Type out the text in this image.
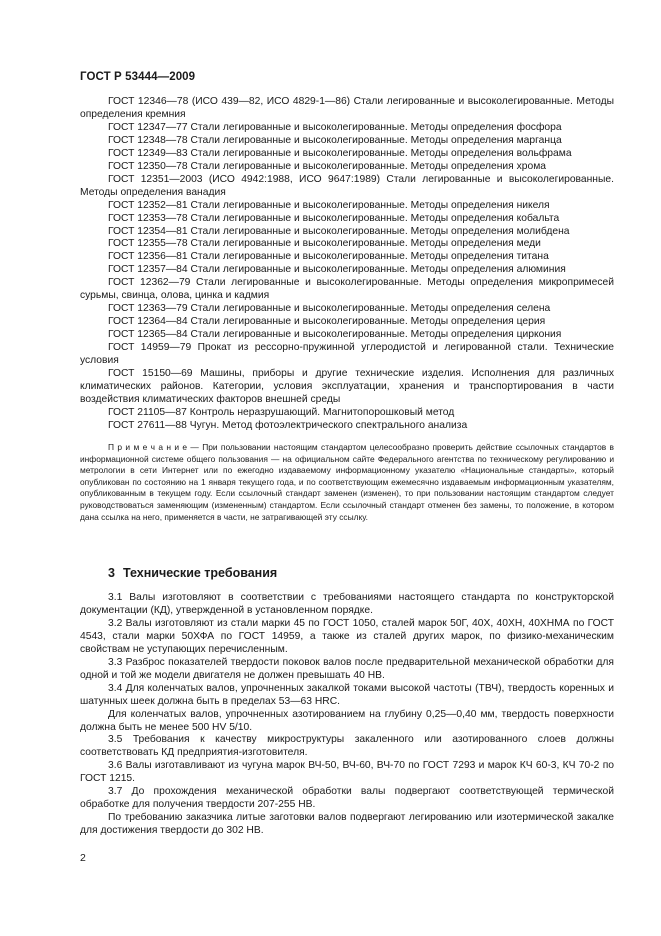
ГОСТ Р 53444—2009

ГОСТ 12346—78 (ИСО 439—82, ИСО 4829-1—86) Стали легированные и высоколегированные. Методы определения кремния

ГОСТ 12347—77 Стали легированные и высоколегированные. Методы определения фосфора

ГОСТ 12348—78 Стали легированные и высоколегированные. Методы определения марганца

ГОСТ 12349—83 Стали легированные и высоколегированные. Методы определения вольфрама

ГОСТ 12350—78 Стали легированные и высоколегированные. Методы определения хрома

ГОСТ 12351—2003 (ИСО 4942:1988, ИСО 9647:1989) Стали легированные и высоколегированные. Методы определения ванадия

ГОСТ 12352—81 Стали легированные и высоколегированные. Методы определения никеля

ГОСТ 12353—78 Стали легированные и высоколегированные. Методы определения кобальта

ГОСТ 12354—81 Стали легированные и высоколегированные. Методы определения молибдена

ГОСТ 12355—78 Стали легированные и высоколегированные. Методы определения меди

ГОСТ 12356—81 Стали легированные и высоколегированные. Методы определения титана

ГОСТ 12357—84 Стали легированные и высоколегированные. Методы определения алюминия

ГОСТ 12362—79 Стали легированные и высоколегированные. Методы определения микропримесей сурьмы, свинца, олова, цинка и кадмия

ГОСТ 12363—79 Стали легированные и высоколегированные. Методы определения селена

ГОСТ 12364—84 Стали легированные и высоколегированные. Методы определения церия

ГОСТ 12365—84 Стали легированные и высоколегированные. Методы определения циркония

ГОСТ 14959—79 Прокат из рессорно-пружинной углеродистой и легированной стали. Технические условия

ГОСТ 15150—69 Машины, приборы и другие технические изделия. Исполнения для различных климатических районов. Категории, условия эксплуатации, хранения и транспортирования в части воздействия климатических факторов внешней среды

ГОСТ 21105—87 Контроль неразрушающий. Магнитопорошковый метод

ГОСТ 27611—88 Чугун. Метод фотоэлектрического спектрального анализа

П р и м е ч а н и е — При пользовании настоящим стандартом целесообразно проверить действие ссылочных стандартов в информационной системе общего пользования — на официальном сайте Федерального агентства по техническому регулированию и метрологии в сети Интернет или по ежегодно издаваемому информационному указателю «Национальные стандарты», который опубликован по состоянию на 1 января текущего года, и по соответствующим ежемесячно издаваемым информационным указателям, опубликованным в текущем году. Если ссылочный стандарт заменен (изменен), то при пользовании настоящим стандартом следует руководствоваться заменяющим (измененным) стандартом. Если ссылочный стандарт отменен без замены, то положение, в котором дана ссылка на него, применяется в части, не затрагивающей эту ссылку.

3 Технические требования

3.1 Валы изготовляют в соответствии с требованиями настоящего стандарта по конструкторской документации (КД), утвержденной в установленном порядке.

3.2 Валы изготовляют из стали марки 45 по ГОСТ 1050, сталей марок 50Г, 40Х, 40ХН, 40ХНМА по ГОСТ 4543, стали марки 50ХФА по ГОСТ 14959, а также из сталей других марок, по физико-механическим свойствам не уступающих перечисленным.

3.3 Разброс показателей твердости поковок валов после предварительной механической обработки для одной и той же модели двигателя не должен превышать 40 НВ.

3.4 Для коленчатых валов, упрочненных закалкой токами высокой частоты (ТВЧ), твердость коренных и шатунных шеек должна быть в пределах 53—63 HRC.

Для коленчатых валов, упрочненных азотированием на глубину 0,25—0,40 мм, твердость поверхности должна быть не менее 500 HV 5/10.

3.5 Требования к качеству микроструктуры закаленного или азотированного слоев должны соответствовать КД предприятия-изготовителя.

3.6 Валы изготавливают из чугуна марок ВЧ-50, ВЧ-60, ВЧ-70 по ГОСТ 7293 и марок КЧ 60-3, КЧ 70-2 по ГОСТ 1215.

3.7 До прохождения механической обработки валы подвергают соответствующей термической обработке для получения твердости 207-255 НВ.

По требованию заказчика литые заготовки валов подвергают легированию или изотермической закалке для достижения твердости до 302 НВ.

2
